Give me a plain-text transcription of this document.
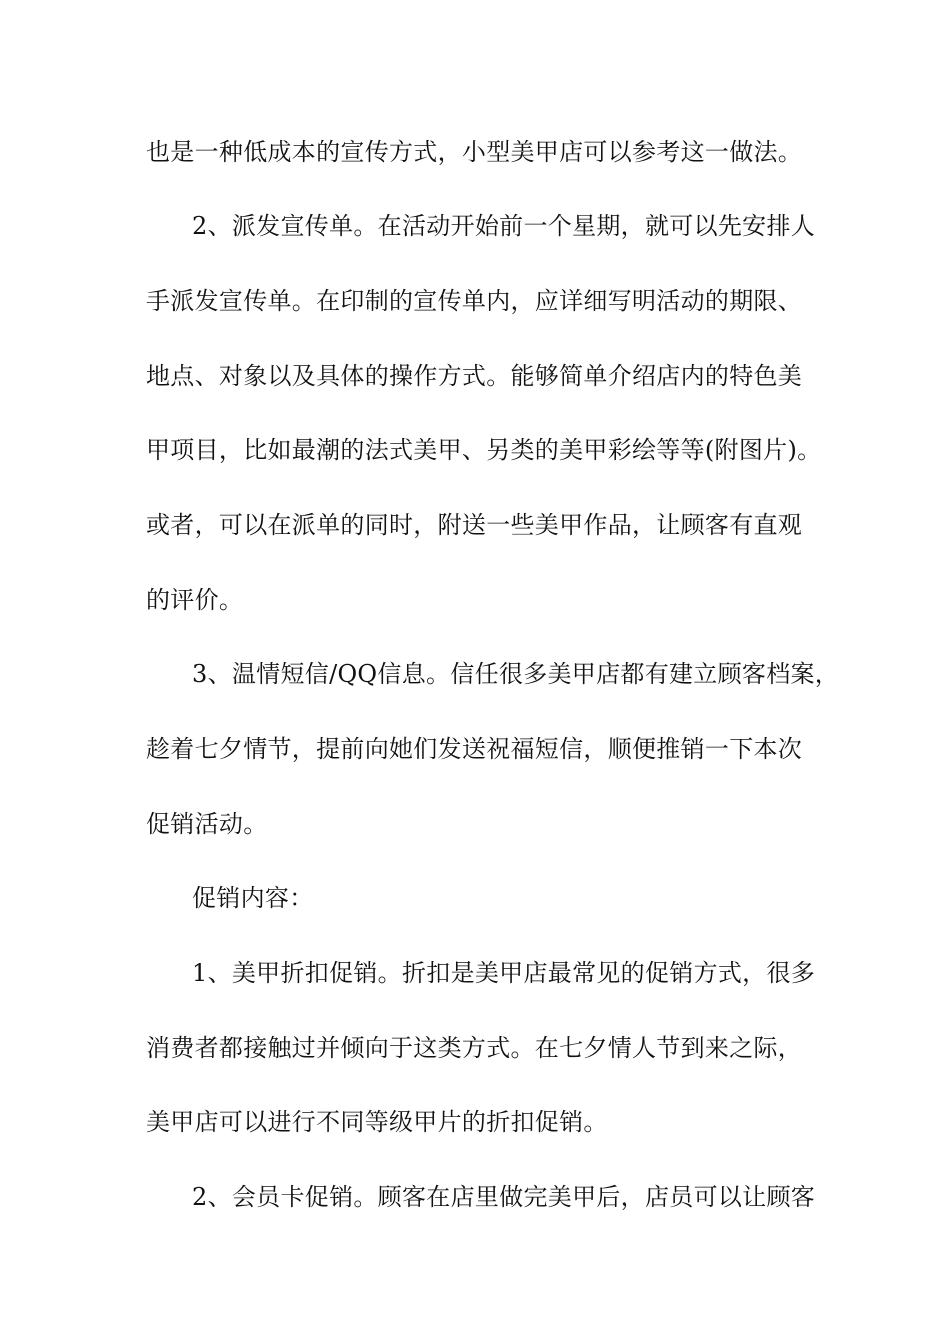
也是一种低成本的宣传方式，小型美甲店可以参考这一做法。
2、派发宣传单。在活动开始前一个星期，就可以先安排人
手派发宣传单。在印制的宣传单内，应详细写明活动的期限、
地点、对象以及具体的操作方式。能够简单介绍店内的特色美
甲项目，比如最潮的法式美甲、另类的美甲彩绘等等(附图片)。
或者，可以在派单的同时，附送一些美甲作品，让顾客有直观
的评价。
3、温情短信/QQ信息。信任很多美甲店都有建立顾客档案，
趁着七夕情节，提前向她们发送祝福短信，顺便推销一下本次
促销活动。
促销内容：
1、美甲折扣促销。折扣是美甲店最常见的促销方式，很多
消费者都接触过并倾向于这类方式。在七夕情人节到来之际，
美甲店可以进行不同等级甲片的折扣促销。
2、会员卡促销。顾客在店里做完美甲后，店员可以让顾客
